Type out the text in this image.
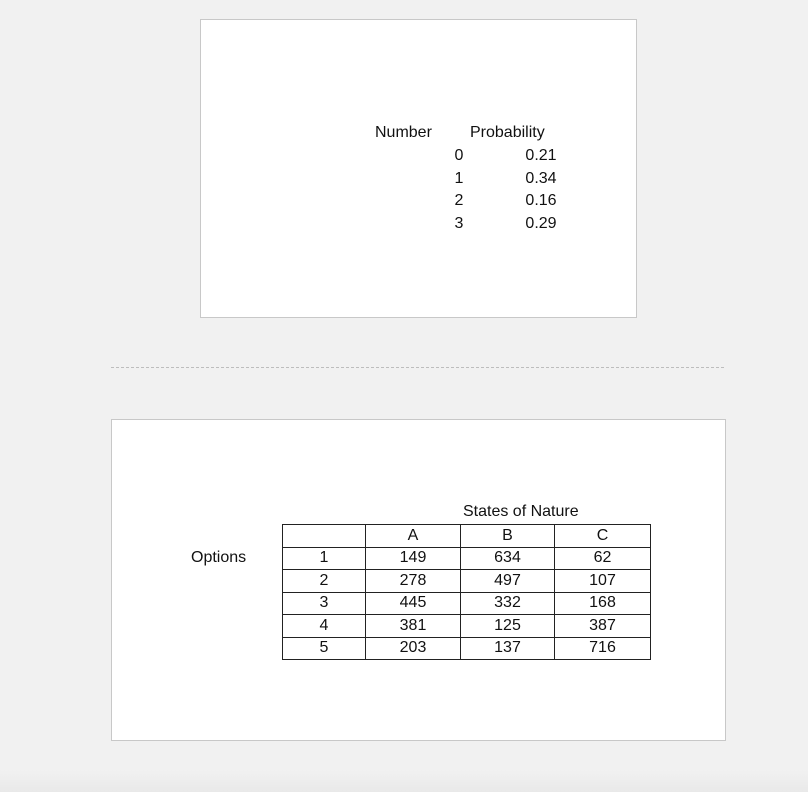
Number Probability
0	0.21
1	0.34
2	0.16
3	0.29
States of Nature
Options
	A	B	C
1	149	634	62
2	278	497	107
3	445	332	168
4	381	125	387
5	203	137	716
